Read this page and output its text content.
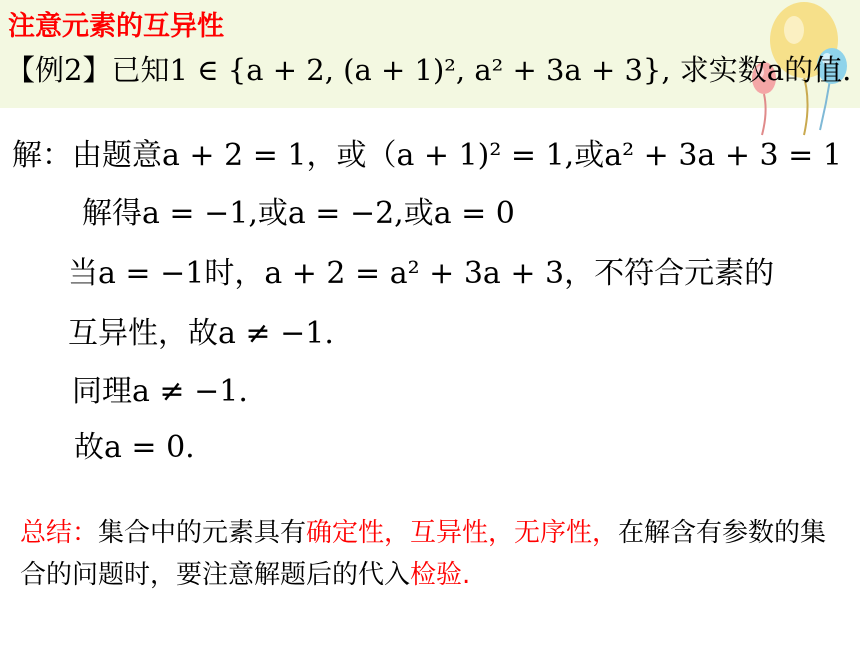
注意元素的互异性
【例2】已知1 ∈ {a + 2, (a + 1)², a² + 3a + 3}, 求实数a的值.
解：由题意a + 2 = 1，或（a + 1)² = 1,或a² + 3a + 3 = 1
解得a = −1,或a = −2,或a = 0
当a = −1时，a + 2 = a² + 3a + 3，不符合元素的
互异性，故a ≠ −1.
同理a ≠ −1.
故a = 0.
总结：集合中的元素具有确定性，互异性，无序性，在解含有参数的集合的问题时，要注意解题后的代入检验.
